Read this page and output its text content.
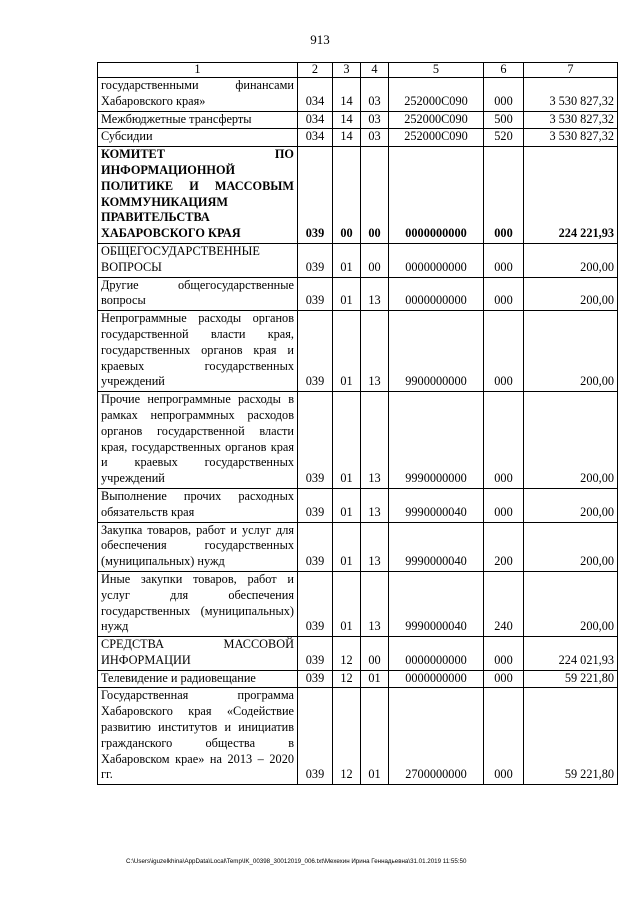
913
1	2	3	4	5	6	7
государственными финансами Хабаровского края»	034	14	03	252000С090	000	3 530 827,32
Межбюджетные трансферты	034	14	03	252000С090	500	3 530 827,32
Субсидии	034	14	03	252000С090	520	3 530 827,32
КОМИТЕТ ПО ИНФОРМАЦИОННОЙ ПОЛИТИКЕ И МАССОВЫМ КОММУНИКАЦИЯМ ПРАВИТЕЛЬСТВА ХАБАРОВСКОГО КРАЯ	039	00	00	0000000000	000	224 221,93
ОБЩЕГОСУДАРСТВЕННЫЕ ВОПРОСЫ	039	01	00	0000000000	000	200,00
Другие общегосударственные вопросы	039	01	13	0000000000	000	200,00
Непрограммные расходы органов государственной власти края, государственных органов края и краевых государственных учреждений	039	01	13	9900000000	000	200,00
Прочие непрограммные расходы в рамках непрограммных расходов органов государственной власти края, государственных органов края и краевых государственных учреждений	039	01	13	9990000000	000	200,00
Выполнение прочих расходных обязательств края	039	01	13	9990000040	000	200,00
Закупка товаров, работ и услуг для обеспечения государственных (муниципальных) нужд	039	01	13	9990000040	200	200,00
Иные закупки товаров, работ и услуг для обеспечения государственных (муниципальных) нужд	039	01	13	9990000040	240	200,00
СРЕДСТВА МАССОВОЙ ИНФОРМАЦИИ	039	12	00	0000000000	000	224 021,93
Телевидение и радиовещание	039	12	01	0000000000	000	59 221,80
Государственная программа Хабаровского края «Содействие развитию институтов и инициатив гражданского общества в Хабаровском крае» на 2013 – 2020 гг.	039	12	01	2700000000	000	59 221,80
C:\Users\iguzelkhina\AppData\Local\Temp\IK_00398_30012019_006.txt\Мехехин Ирина Геннадьевна\31.01.2019 11:55:50
